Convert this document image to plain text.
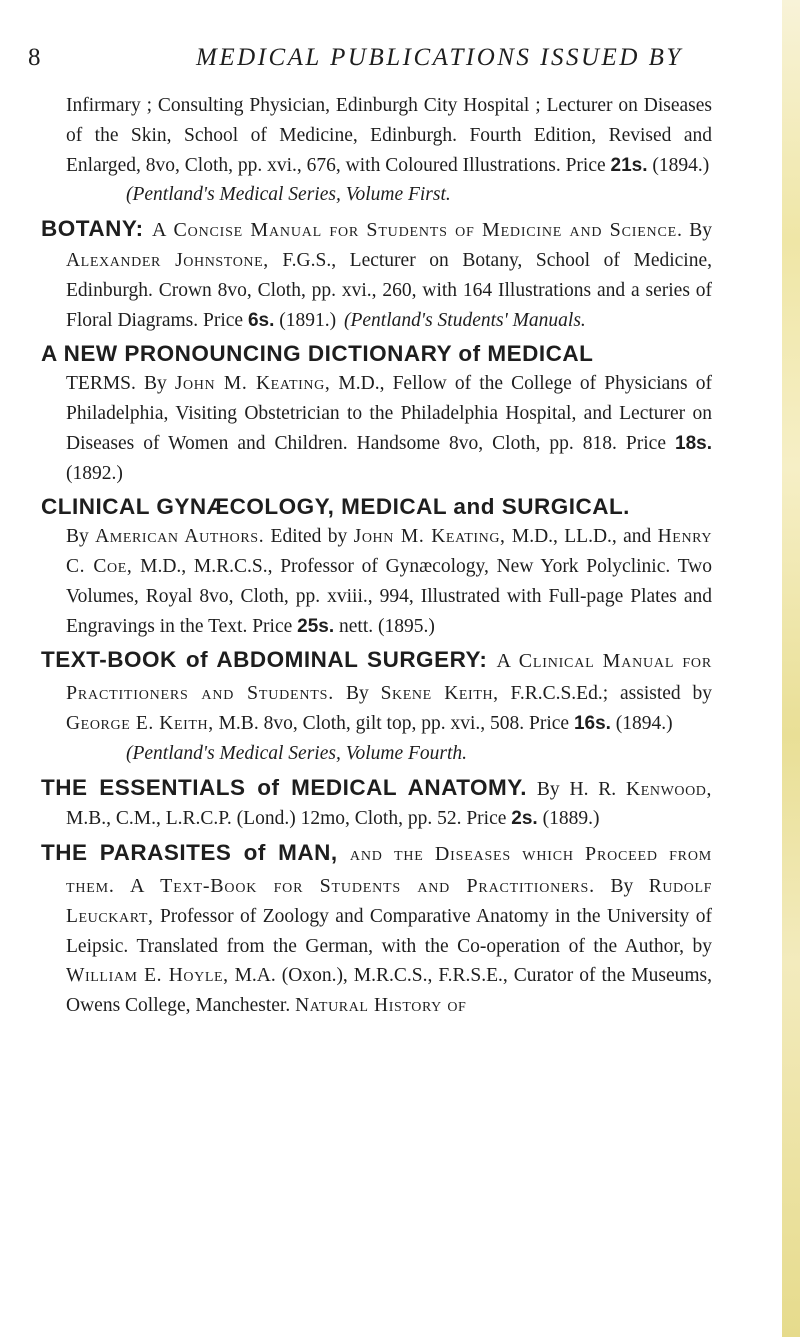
8	MEDICAL PUBLICATIONS ISSUED BY

Infirmary ; Consulting Physician, Edinburgh City Hospital ; Lecturer on Diseases of the Skin, School of Medicine, Edinburgh. Fourth Edition, Revised and Enlarged, 8vo, Cloth, pp. xvi., 676, with Coloured Illustrations. Price 21s. (1894.)

(Pentland's Medical Series, Volume First.

BOTANY: A Concise Manual for Students of Medicine and Science. By Alexander Johnstone, F.G.S., Lecturer on Botany, School of Medicine, Edinburgh. Crown 8vo, Cloth, pp. xvi., 260, with 164 Illustrations and a series of Floral Diagrams. Price 6s. (1891.) (Pentland's Students' Manuals.
A NEW PRONOUNCING DICTIONARY of MEDICAL

TERMS. By John M. Keating, M.D., Fellow of the College of Physicians of Philadelphia, Visiting Obstetrician to the Philadelphia Hospital, and Lecturer on Diseases of Women and Children. Handsome 8vo, Cloth, pp. 818. Price 18s. (1892.)

CLINICAL GYNÆCOLOGY, MEDICAL and SURGICAL.

By American Authors. Edited by John M. Keating, M.D., LL.D., and Henry C. Coe, M.D., M.R.C.S., Professor of Gynæcology, New York Polyclinic. Two Volumes, Royal 8vo, Cloth, pp. xviii., 994, Illustrated with Full-page Plates and Engravings in the Text. Price 25s. nett. (1895.)

TEXT-BOOK of ABDOMINAL SURGERY: A Clinical Manual for Practitioners and Students. By Skene Keith, F.R.C.S.Ed.; assisted by George E. Keith, M.B. 8vo, Cloth, gilt top, pp. xvi., 508. Price 16s. (1894.)

(Pentland's Medical Series, Volume Fourth.

THE ESSENTIALS of MEDICAL ANATOMY. By H. R. Kenwood, M.B., C.M., L.R.C.P. (Lond.) 12mo, Cloth, pp. 52. Price 2s. (1889.)

THE PARASITES of MAN, and the Diseases which Proceed from them. A Text-Book for Students and Practitioners. By Rudolf Leuckart, Professor of Zoology and Comparative Anatomy in the University of Leipsic. Translated from the German, with the Co-operation of the Author, by William E. Hoyle, M.A. (Oxon.), M.R.C.S., F.R.S.E., Curator of the Museums, Owens College, Manchester. Natural History of
